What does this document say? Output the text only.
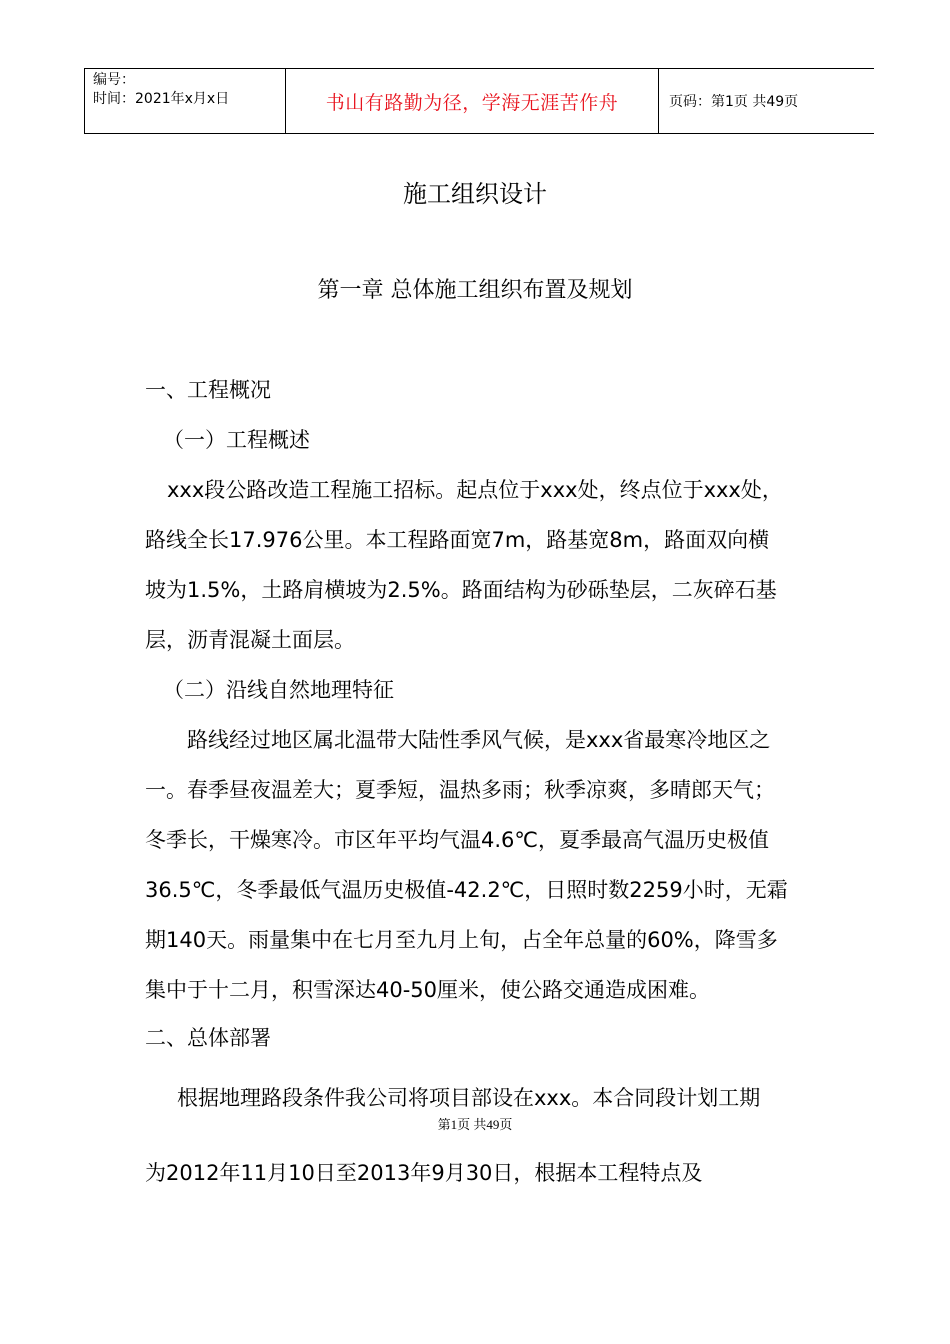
编号：
时间：2021年x月x日	书山有路勤为径，学海无涯苦作舟	页码：第1页 共49页
施工组织设计
第一章 总体施工组织布置及规划
一、工程概况
（一）工程概述
xxx段公路改造工程施工招标。起点位于xxx处，终点位于xxx处，
路线全长17.976公里。本工程路面宽7m，路基宽8m，路面双向横
坡为1.5%，土路肩横坡为2.5%。路面结构为砂砾垫层，二灰碎石基
层，沥青混凝土面层。
（二）沿线自然地理特征
路线经过地区属北温带大陆性季风气候，是xxx省最寒冷地区之
一。春季昼夜温差大；夏季短，温热多雨；秋季凉爽，多晴郎天气；
冬季长，干燥寒冷。市区年平均气温4.6℃，夏季最高气温历史极值
36.5℃，冬季最低气温历史极值-42.2℃，日照时数2259小时，无霜
期140天。雨量集中在七月至九月上旬，占全年总量的60%，降雪多
集中于十二月，积雪深达40-50厘米，使公路交通造成困难。
二、总体部署
根据地理路段条件我公司将项目部设在xxx。本合同段计划工期
第1页 共49页
为2012年11月10日至2013年9月30日，根据本工程特点及
